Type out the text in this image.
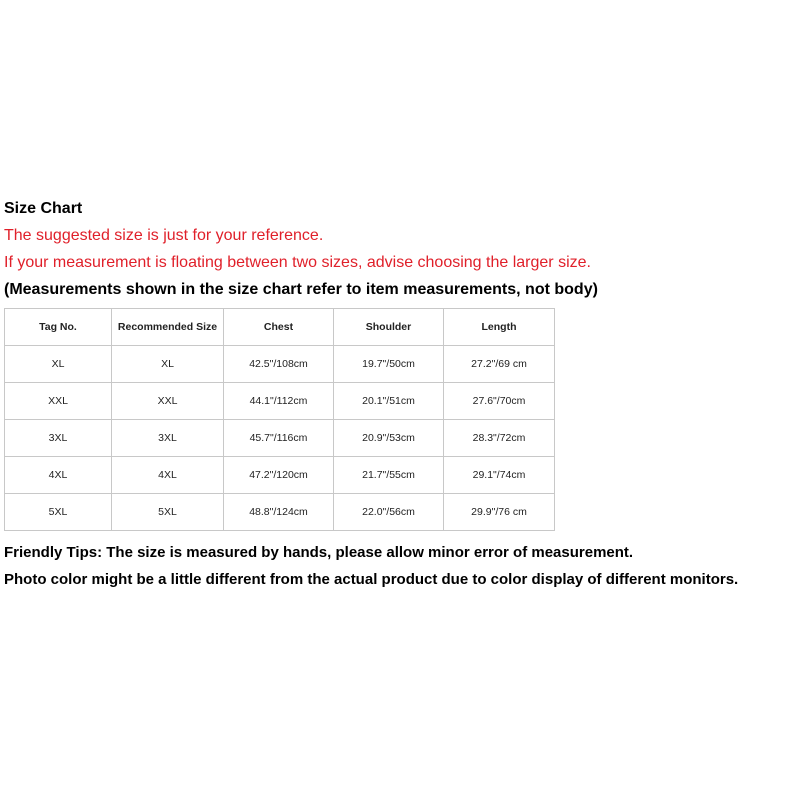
Size Chart
The suggested size is just for your reference.
If your measurement is floating between two sizes, advise choosing the larger size.
(Measurements shown in the size chart refer to item measurements, not body)
Tag No.	Recommended Size	Chest	Shoulder	Length
XL	XL	42.5"/108cm	19.7"/50cm	27.2"/69 cm
XXL	XXL	44.1"/112cm	20.1"/51cm	27.6"/70cm
3XL	3XL	45.7"/116cm	20.9"/53cm	28.3"/72cm
4XL	4XL	47.2"/120cm	21.7"/55cm	29.1"/74cm
5XL	5XL	48.8"/124cm	22.0"/56cm	29.9"/76 cm
Friendly Tips: The size is measured by hands, please allow minor error of measurement.
Photo color might be a little different from the actual product due to color display of different monitors.
